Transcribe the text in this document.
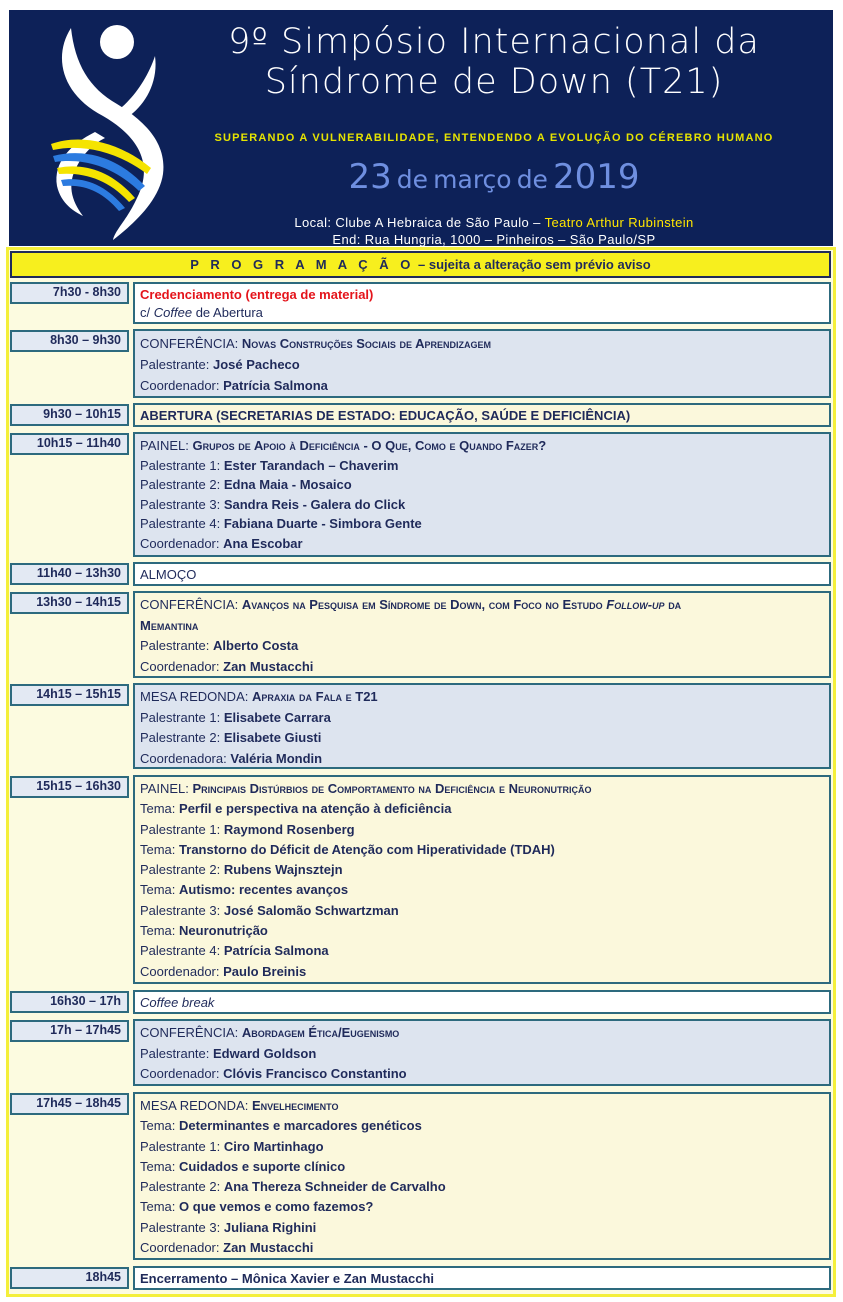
9º Simpósio Internacional da
Síndrome de Down (T21)
SUPERANDO A VULNERABILIDADE, ENTENDENDO A EVOLUÇÃO DO CÉREBRO HUMANO
23 de março de 2019
Local: Clube A Hebraica de São Paulo – Teatro Arthur Rubinstein
End: Rua Hungria, 1000 – Pinheiros – São Paulo/SP
P R O G R A M A Ç Ã O – sujeita a alteração sem prévio aviso
7h30 - 8h30	Credenciamento (entrega de material)
c/ Coffee de Abertura
8h30 – 9h30	CONFERÊNCIA: Novas Construções Sociais de Aprendizagem
Palestrante: José Pacheco
Coordenador: Patrícia Salmona
9h30 – 10h15	ABERTURA (SECRETARIAS DE ESTADO: EDUCAÇÃO, SAÚDE E DEFICIÊNCIA)
10h15 – 11h40	PAINEL: Grupos de Apoio à Deficiência - O Que, Como e Quando Fazer?
Palestrante 1: Ester Tarandach – Chaverim
Palestrante 2: Edna Maia - Mosaico
Palestrante 3: Sandra Reis - Galera do Click
Palestrante 4: Fabiana Duarte - Simbora Gente
Coordenador: Ana Escobar
11h40 – 13h30	ALMOÇO
13h30 – 14h15	CONFERÊNCIA: Avanços na Pesquisa em Síndrome de Down, com Foco no Estudo Follow-up da
Memantina
Palestrante: Alberto Costa
Coordenador: Zan Mustacchi
14h15 – 15h15	MESA REDONDA: Apraxia da Fala e T21
Palestrante 1: Elisabete Carrara
Palestrante 2: Elisabete Giusti
Coordenadora: Valéria Mondin
15h15 – 16h30	PAINEL: Principais Distúrbios de Comportamento na Deficiência e Neuronutrição
Tema: Perfil e perspectiva na atenção à deficiência
Palestrante 1: Raymond Rosenberg
Tema: Transtorno do Déficit de Atenção com Hiperatividade (TDAH)
Palestrante 2: Rubens Wajnsztejn
Tema: Autismo: recentes avanços
Palestrante 3: José Salomão Schwartzman
Tema: Neuronutrição
Palestrante 4: Patrícia Salmona
Coordenador: Paulo Breinis
16h30 – 17h	Coffee break
17h – 17h45	CONFERÊNCIA: Abordagem Ética/Eugenismo
Palestrante: Edward Goldson
Coordenador: Clóvis Francisco Constantino
17h45 – 18h45	MESA REDONDA: Envelhecimento
Tema: Determinantes e marcadores genéticos
Palestrante 1: Ciro Martinhago
Tema: Cuidados e suporte clínico
Palestrante 2: Ana Thereza Schneider de Carvalho
Tema: O que vemos e como fazemos?
Palestrante 3: Juliana Righini
Coordenador: Zan Mustacchi
18h45	Encerramento – Mônica Xavier e Zan Mustacchi
